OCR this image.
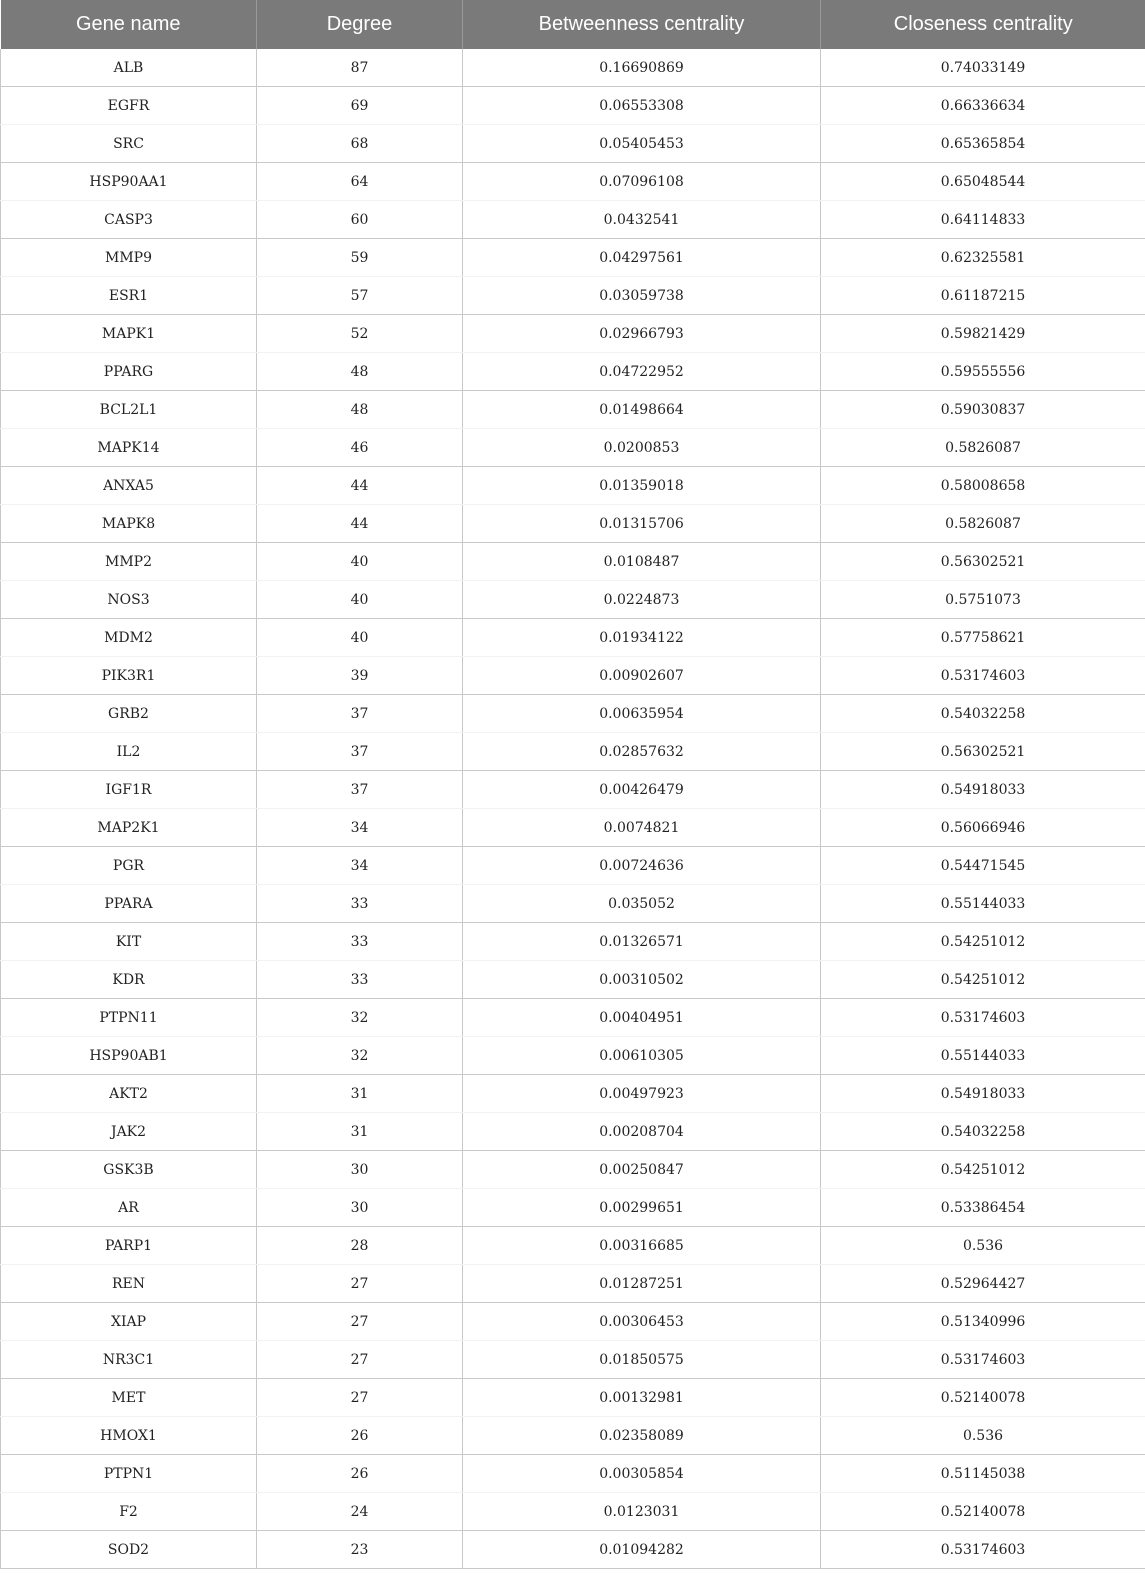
Gene name	Degree	Betweenness centrality	Closeness centrality
ALB	87	0.16690869	0.74033149
EGFR	69	0.06553308	0.66336634
SRC	68	0.05405453	0.65365854
HSP90AA1	64	0.07096108	0.65048544
CASP3	60	0.0432541	0.64114833
MMP9	59	0.04297561	0.62325581
ESR1	57	0.03059738	0.61187215
MAPK1	52	0.02966793	0.59821429
PPARG	48	0.04722952	0.59555556
BCL2L1	48	0.01498664	0.59030837
MAPK14	46	0.0200853	0.5826087
ANXA5	44	0.01359018	0.58008658
MAPK8	44	0.01315706	0.5826087
MMP2	40	0.0108487	0.56302521
NOS3	40	0.0224873	0.5751073
MDM2	40	0.01934122	0.57758621
PIK3R1	39	0.00902607	0.53174603
GRB2	37	0.00635954	0.54032258
IL2	37	0.02857632	0.56302521
IGF1R	37	0.00426479	0.54918033
MAP2K1	34	0.0074821	0.56066946
PGR	34	0.00724636	0.54471545
PPARA	33	0.035052	0.55144033
KIT	33	0.01326571	0.54251012
KDR	33	0.00310502	0.54251012
PTPN11	32	0.00404951	0.53174603
HSP90AB1	32	0.00610305	0.55144033
AKT2	31	0.00497923	0.54918033
JAK2	31	0.00208704	0.54032258
GSK3B	30	0.00250847	0.54251012
AR	30	0.00299651	0.53386454
PARP1	28	0.00316685	0.536
REN	27	0.01287251	0.52964427
XIAP	27	0.00306453	0.51340996
NR3C1	27	0.01850575	0.53174603
MET	27	0.00132981	0.52140078
HMOX1	26	0.02358089	0.536
PTPN1	26	0.00305854	0.51145038
F2	24	0.0123031	0.52140078
SOD2	23	0.01094282	0.53174603
